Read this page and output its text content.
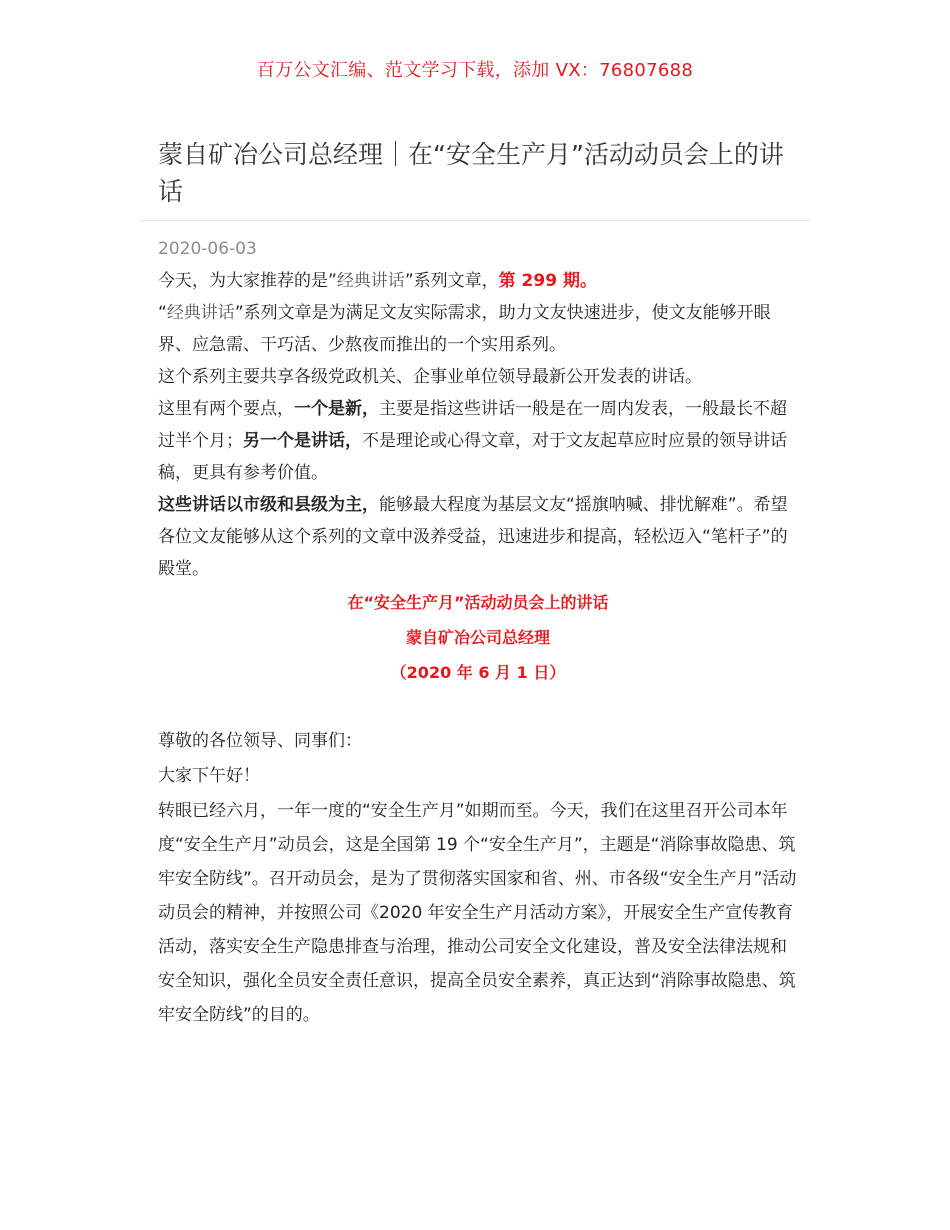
百万公文汇编、范文学习下载，添加 VX：76807688
蒙自矿冶公司总经理｜在“安全生产月”活动动员会上的讲话
2020-06-03

今天，为大家推荐的是”经典讲话”系列文章，第 299 期。

“经典讲话”系列文章是为满足文友实际需求，助力文友快速进步，使文友能够开眼界、应急需、干巧活、少熬夜而推出的一个实用系列。

这个系列主要共享各级党政机关、企事业单位领导最新公开发表的讲话。

这里有两个要点，一个是新，主要是指这些讲话一般是在一周内发表，一般最长不超过半个月；另一个是讲话，不是理论或心得文章，对于文友起草应时应景的领导讲话稿，更具有参考价值。

这些讲话以市级和县级为主，能够最大程度为基层文友“摇旗呐喊、排忧解难”。希望各位文友能够从这个系列的文章中汲养受益，迅速进步和提高，轻松迈入“笔杆子”的殿堂。

在“安全生产月”活动动员会上的讲话

蒙自矿冶公司总经理

（2020 年 6 月 1 日）

尊敬的各位领导、同事们：

大家下午好！

转眼已经六月，一年一度的“安全生产月”如期而至。今天，我们在这里召开公司本年度“安全生产月”动员会，这是全国第 19 个“安全生产月”，主题是“消除事故隐患、筑牢安全防线”。召开动员会，是为了贯彻落实国家和省、州、市各级“安全生产月”活动动员会的精神，并按照公司《2020 年安全生产月活动方案》，开展安全生产宣传教育活动，落实安全生产隐患排查与治理，推动公司安全文化建设，普及安全法律法规和安全知识，强化全员安全责任意识，提高全员安全素养，真正达到“消除事故隐患、筑牢安全防线”的目的。
